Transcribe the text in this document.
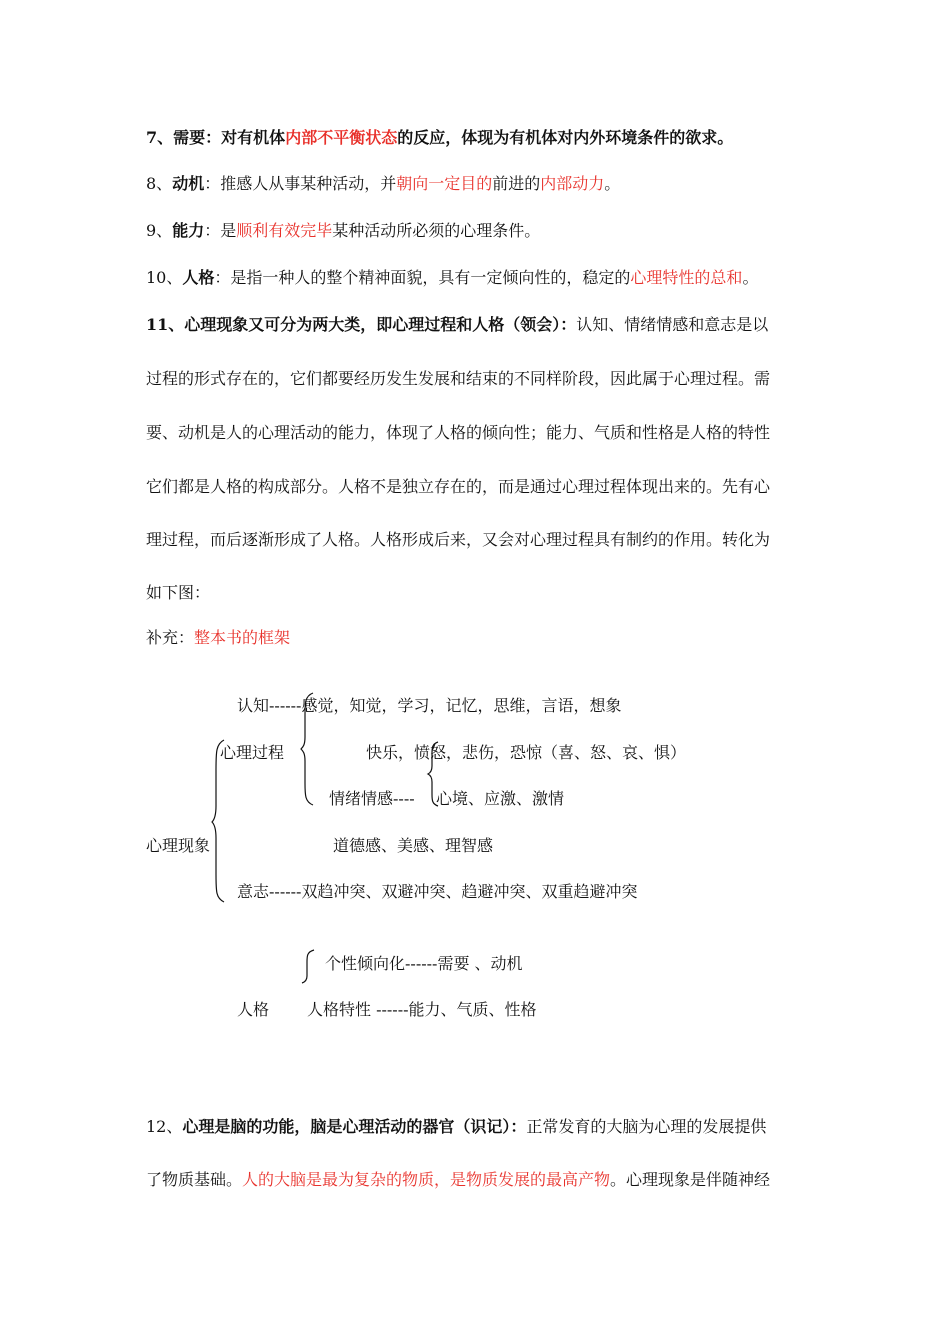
7、需要：对有机体内部不平衡状态的反应，体现为有机体对内外环境条件的欲求。
8、动机：推感人从事某种活动，并朝向一定目的前进的内部动力。
9、能力：是顺利有效完毕某种活动所必须的心理条件。
10、人格：是指一种人的整个精神面貌，具有一定倾向性的，稳定的心理特性的总和。
11、心理现象又可分为两大类，即心理过程和人格（领会）：认知、情绪情感和意志是以
过程的形式存在的，它们都要经历发生发展和结束的不同样阶段，因此属于心理过程。需
要、动机是人的心理活动的能力，体现了人格的倾向性；能力、气质和性格是人格的特性
它们都是人格的构成部分。人格不是独立存在的，而是通过心理过程体现出来的。先有心
理过程，而后逐渐形成了人格。人格形成后来，又会对心理过程具有制约的作用。转化为
如下图：
补充：整本书的框架
心理现象
心理过程
认知------感觉，知觉，学习，记忆，思维，言语，想象
快乐，愤怒，悲伤，恐惊（喜、怒、哀、惧）
情绪情感---- 心境、应激、激情
道德感、美感、理智感
意志------双趋冲突、双避冲突、趋避冲突、双重趋避冲突
人格
个性倾向化------需要 、动机
人格特性 ------能力、气质、性格
12、心理是脑的功能，脑是心理活动的器官（识记）：正常发育的大脑为心理的发展提供
了物质基础。人的大脑是最为复杂的物质，是物质发展的最高产物。心理现象是伴随神经
